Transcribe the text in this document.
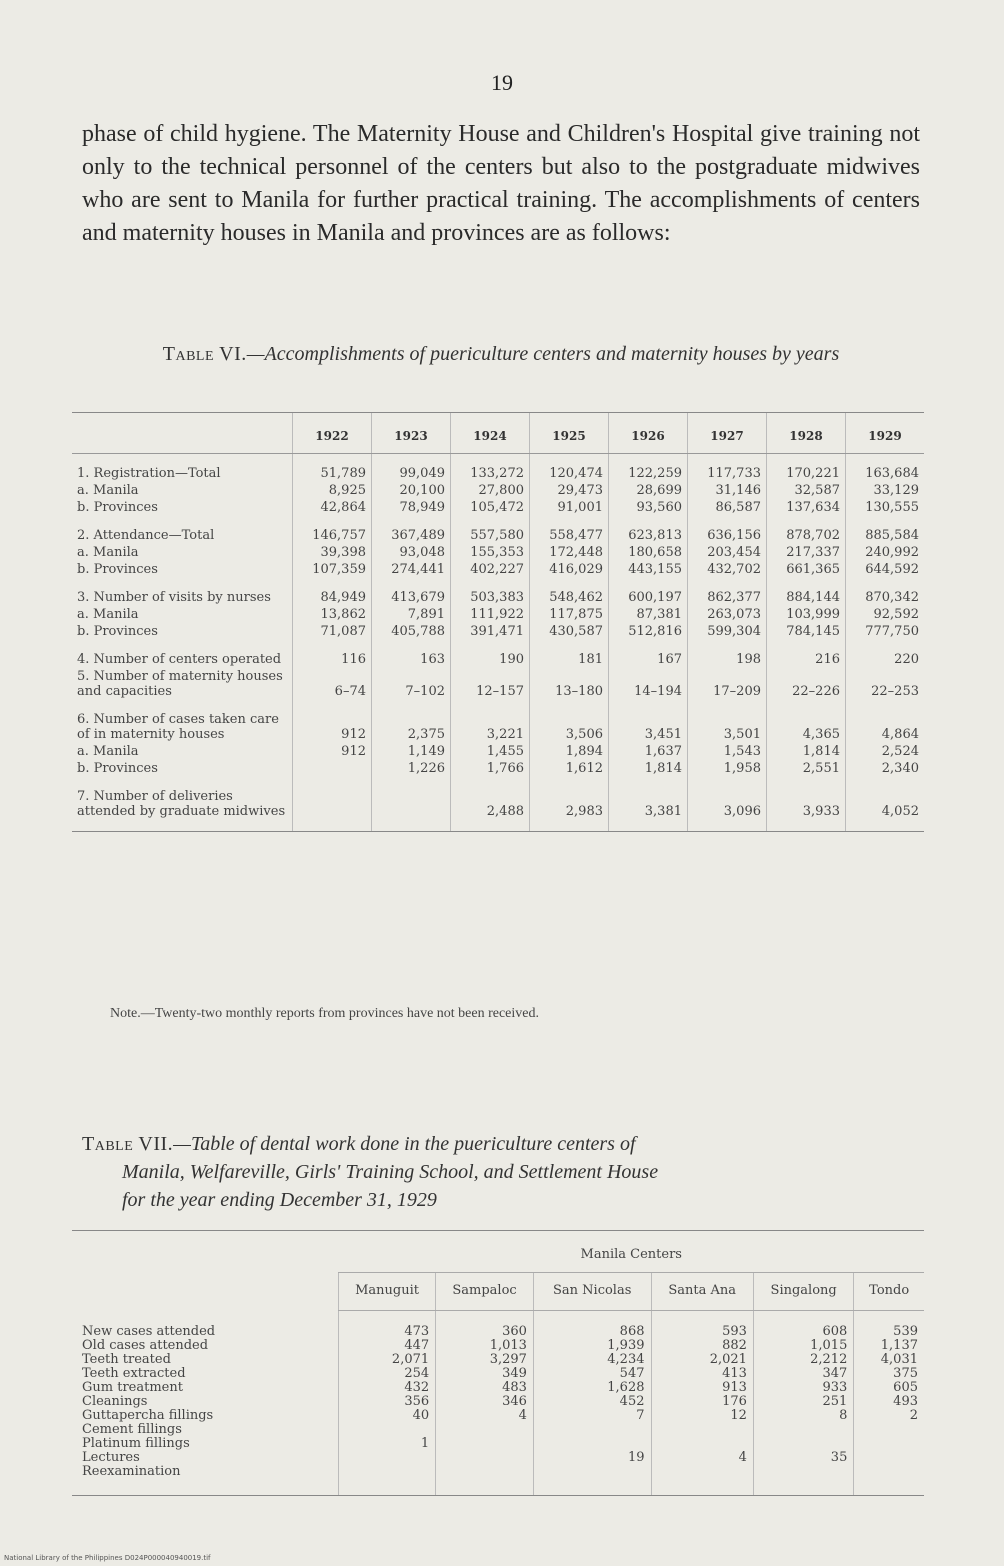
19

phase of child hygiene. The Maternity House and Children's Hospital give training not only to the technical personnel of the centers but also to the postgraduate midwives who are sent to Manila for further practical training. The accomplishments of centers and maternity houses in Manila and provinces are as follows:

Table VI.—Accomplishments of puericulture centers and maternity houses by years
	1922	1923	1924	1925	1926	1927	1928	1929
1. Registration—Total	51,789	99,049	133,272	120,474	122,259	117,733	170,221	163,684
a. Manila	8,925	20,100	27,800	29,473	28,699	31,146	32,587	33,129
b. Provinces	42,864	78,949	105,472	91,001	93,560	86,587	137,634	130,555
2. Attendance—Total	146,757	367,489	557,580	558,477	623,813	636,156	878,702	885,584
a. Manila	39,398	93,048	155,353	172,448	180,658	203,454	217,337	240,992
b. Provinces	107,359	274,441	402,227	416,029	443,155	432,702	661,365	644,592
3. Number of visits by nurses	84,949	413,679	503,383	548,462	600,197	862,377	884,144	870,342
a. Manila	13,862	7,891	111,922	117,875	87,381	263,073	103,999	92,592
b. Provinces	71,087	405,788	391,471	430,587	512,816	599,304	784,145	777,750
4. Number of centers operated	116	163	190	181	167	198	216	220
5. Number of maternity houses and capacities	6–74	7–102	12–157	13–180	14–194	17–209	22–226	22–253
6. Number of cases taken care of in maternity houses	912	2,375	3,221	3,506	3,451	3,501	4,365	4,864
a. Manila	912	1,149	1,455	1,894	1,637	1,543	1,814	2,524
b. Provinces		1,226	1,766	1,612	1,814	1,958	2,551	2,340
7. Number of deliveries attended by graduate midwives			2,488	2,983	3,381	3,096	3,933	4,052
Note.—Twenty-two monthly reports from provinces have not been received.
Table VII.—Table of dental work done in the puericulture centers of
Manila, Welfareville, Girls' Training School, and Settlement House
for the year ending December 31, 1929
	Manila Centers					
	Manuguit	Sampaloc	San Nicolas	Santa Ana	Singalong	Tondo
New cases attended	473	360	868	593	608	539
Old cases attended	447	1,013	1,939	882	1,015	1,137
Teeth treated	2,071	3,297	4,234	2,021	2,212	4,031
Teeth extracted	254	349	547	413	347	375
Gum treatment	432	483	1,628	913	933	605
Cleanings	356	346	452	176	251	493
Guttapercha fillings	40	4	7	12	8	2
Cement fillings						
Platinum fillings	1					
Lectures			19	4	35	
Reexamination						
National Library of the Philippines D024P000040940019.tif
